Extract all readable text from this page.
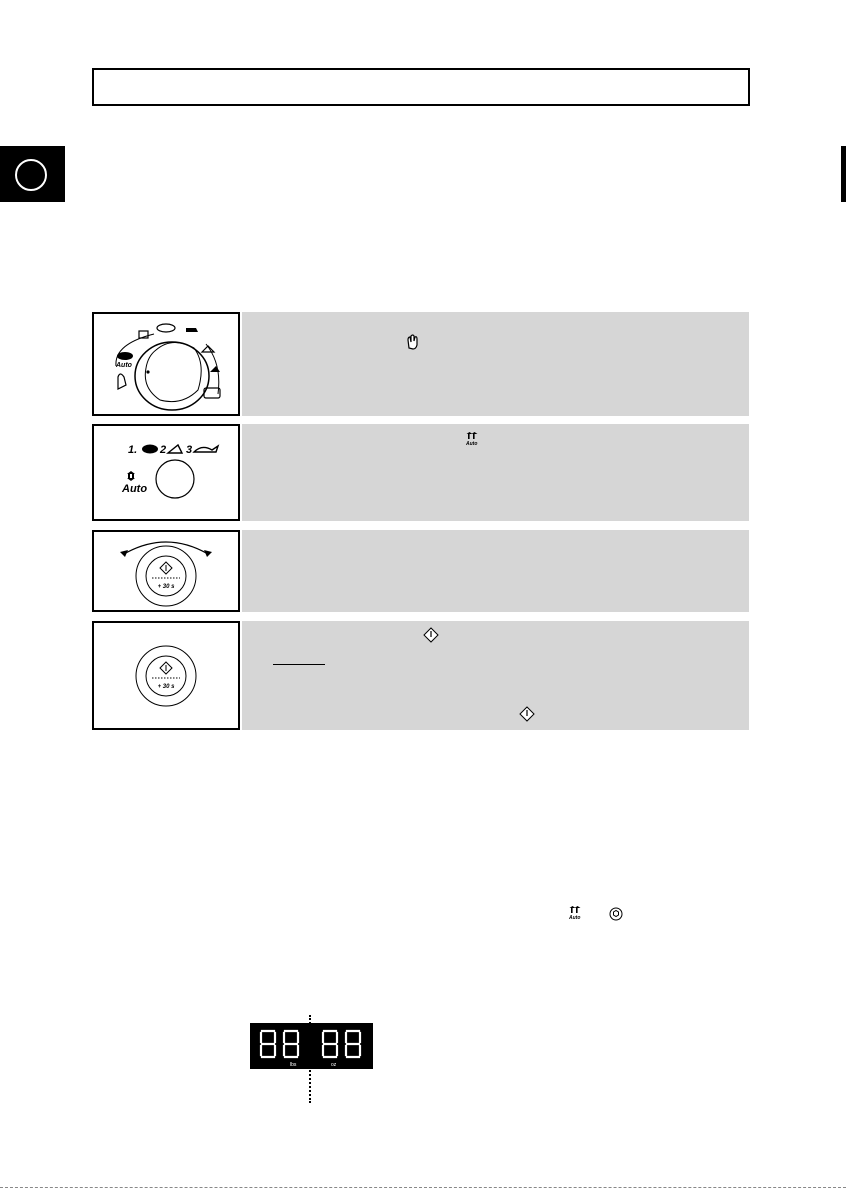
Auto
1. 2 3
Auto
Auto
+ 30 s
+ 30 s
Auto
lbs	oz
